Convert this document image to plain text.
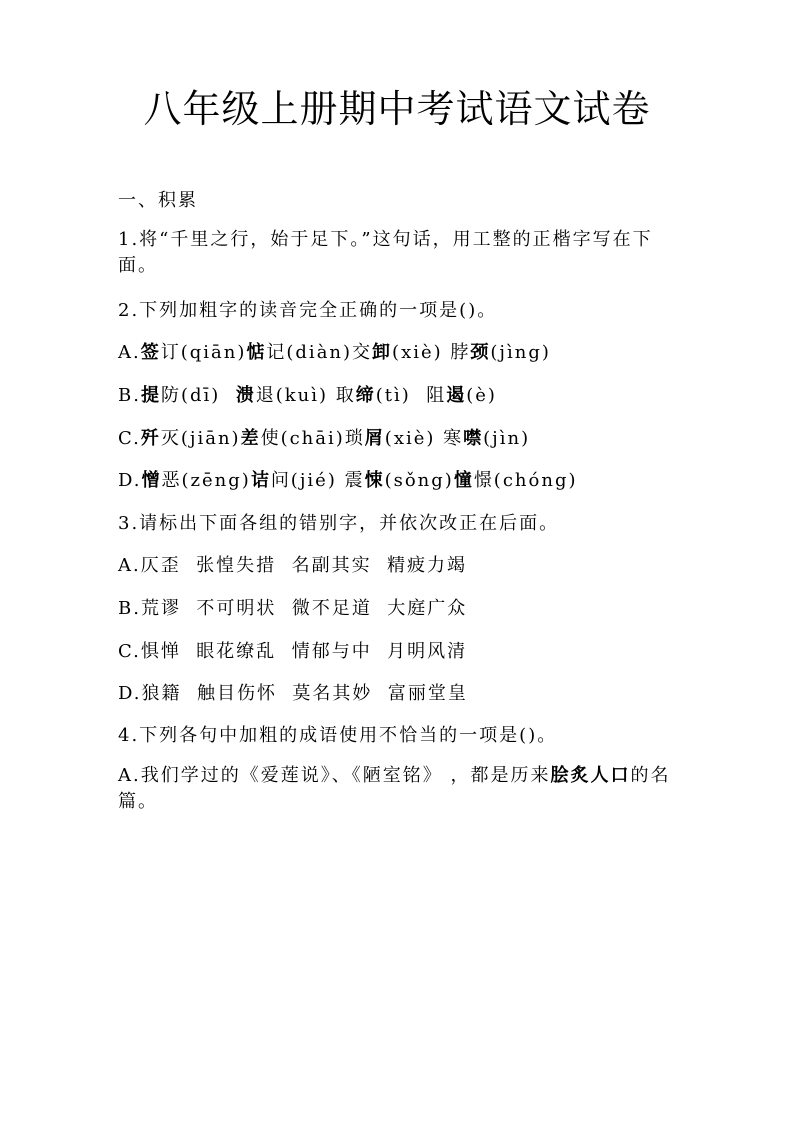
八年级上册期中考试语文试卷
一、积累
1.将“千里之行，始于足下。”这句话，用工整的正楷字写在下面。
2.下列加粗字的读音完全正确的一项是()。
A.签订(qiān)惦记(diàn)交卸(xiè) 脖颈(jìng)
B.提防(dī)  溃退(kuì) 取缔(tì)  阻遏(è)
C.歼灭(jiān)差使(chāi)琐屑(xiè) 寒噤(jìn)
D.憎恶(zēng)诘问(jié) 震悚(sǒng)憧憬(chóng)
3.请标出下面各组的错别字，并依次改正在后面。
A.仄歪  张惶失措  名副其实  精疲力竭
B.荒谬  不可明状  微不足道  大庭广众
C.惧惮  眼花缭乱  情郁与中  月明风清
D.狼籍  触目伤怀  莫名其妙  富丽堂皇
4.下列各句中加粗的成语使用不恰当的一项是()。
A.我们学过的《爱莲说》、《陋室铭》 ，都是历来脍炙人口的名篇。
